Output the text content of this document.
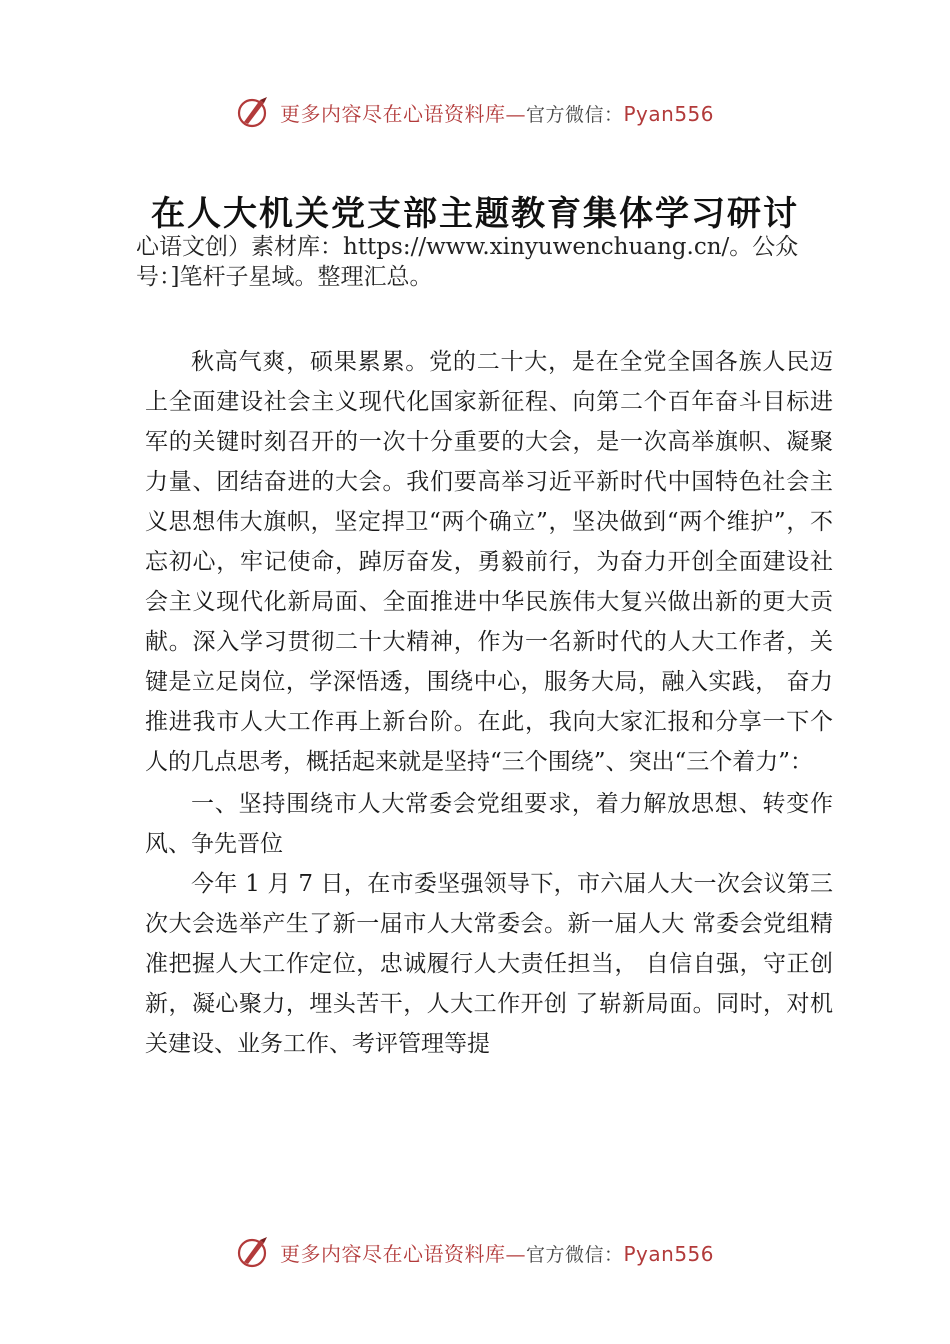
更多内容尽在心语资料库—官方微信：Pyan556
在人大机关党支部主题教育集体学习研讨
心语文创）素材库：https://www.xinyuwenchuang.cn/。公众号：]笔杆子星域。整理汇总。

秋高气爽，硕果累累。党的二十大，是在全党全国各族人民迈上全面建设社会主义现代化国家新征程、向第二个百年奋斗目标进军的关键时刻召开的一次十分重要的大会，是一次高举旗帜、凝聚力量、团结奋进的大会。我们要高举习近平新时代中国特色社会主义思想伟大旗帜，坚定捍卫“两个确立”，坚决做到“两个维护”，不忘初心，牢记使命，踔厉奋发，勇毅前行，为奋力开创全面建设社会主义现代化新局面、全面推进中华民族伟大复兴做出新的更大贡献。深入学习贯彻二十大精神，作为一名新时代的人大工作者，关键是立足岗位，学深悟透，围绕中心，服务大局，融入实践， 奋力推进我市人大工作再上新台阶。在此，我向大家汇报和分享一下个人的几点思考，概括起来就是坚持“三个围绕”、突出“三个着力”：

一、坚持围绕市人大常委会党组要求，着力解放思想、转变作风、争先晋位

今年 1 月 7 日，在市委坚强领导下，市六届人大一次会议第三次大会选举产生了新一届市人大常委会。新一届人大 常委会党组精准把握人大工作定位，忠诚履行人大责任担当， 自信自强，守正创新，凝心聚力，埋头苦干，人大工作开创 了崭新局面。同时，对机关建设、业务工作、考评管理等提

更多内容尽在心语资料库—官方微信：Pyan556
